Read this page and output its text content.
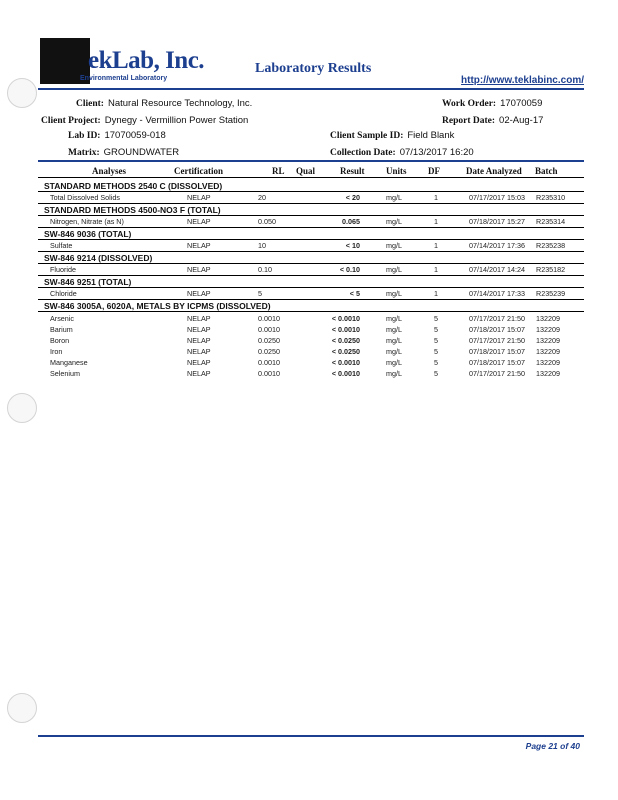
ekLab, Inc.
Environmental Laboratory
Laboratory Results
http://www.teklabinc.com/
Client: Natural Resource Technology, Inc.	Work Order: 17070059
Client Project: Dynegy - Vermillion Power Station	Report Date: 02-Aug-17
Lab ID: 17070059-018	Client Sample ID: Field Blank
Matrix: GROUNDWATER	Collection Date: 07/13/2017 16:20
Analyses	Certification	RL Qual	Result Units DF	Date Analyzed Batch
STANDARD METHODS 2540 C (DISSOLVED)
Total Dissolved Solids	NELAP	20	< 20	mg/L	1	07/17/2017 15:03 R235310
STANDARD METHODS 4500-NO3 F (TOTAL)
Nitrogen, Nitrate (as N)	NELAP	0.050	0.065	mg/L	1	07/18/2017 15:27 R235314
SW-846 9036 (TOTAL)
Sulfate	NELAP	10	< 10	mg/L	1	07/14/2017 17:36 R235238
SW-846 9214 (DISSOLVED)
Fluoride	NELAP	0.10	< 0.10	mg/L	1	07/14/2017 14:24 R235182
SW-846 9251 (TOTAL)
Chloride	NELAP	5	< 5	mg/L	1	07/14/2017 17:33 R235239
SW-846 3005A, 6020A, METALS BY ICPMS (DISSOLVED)
Arsenic	NELAP	0.0010	< 0.0010	mg/L	5	07/17/2017 21:50 132209
Barium	NELAP	0.0010	< 0.0010	mg/L	5	07/18/2017 15:07 132209
Boron	NELAP	0.0250	< 0.0250	mg/L	5	07/17/2017 21:50 132209
Iron	NELAP	0.0250	< 0.0250	mg/L	5	07/18/2017 15:07 132209
Manganese	NELAP	0.0010	< 0.0010	mg/L	5	07/18/2017 15:07 132209
Selenium	NELAP	0.0010	< 0.0010	mg/L	5	07/17/2017 21:50 132209
Page 21 of 40
